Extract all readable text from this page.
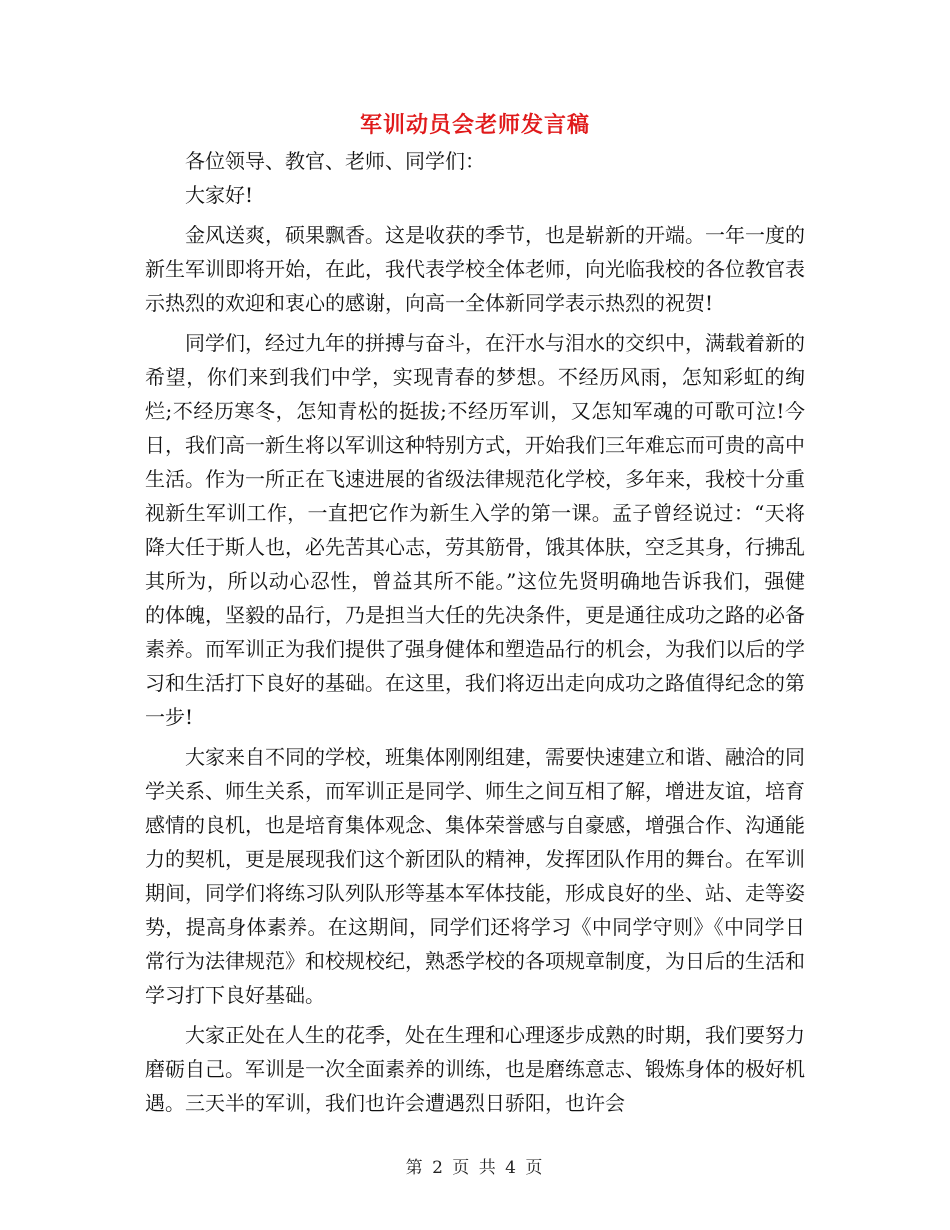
军训动员会老师发言稿

各位领导、教官、老师、同学们：

大家好!

金风送爽，硕果飘香。这是收获的季节，也是崭新的开端。一年一度的新生军训即将开始，在此，我代表学校全体老师，向光临我校的各位教官表示热烈的欢迎和衷心的感谢，向高一全体新同学表示热烈的祝贺!

同学们，经过九年的拼搏与奋斗，在汗水与泪水的交织中，满载着新的希望，你们来到我们中学，实现青春的梦想。不经历风雨，怎知彩虹的绚烂;不经历寒冬，怎知青松的挺拔;不经历军训，又怎知军魂的可歌可泣!今日，我们高一新生将以军训这种特别方式，开始我们三年难忘而可贵的高中生活。作为一所正在飞速进展的省级法律规范化学校，多年来，我校十分重视新生军训工作，一直把它作为新生入学的第一课。孟子曾经说过：“天将降大任于斯人也，必先苦其心志，劳其筋骨，饿其体肤，空乏其身，行拂乱其所为，所以动心忍性，曾益其所不能。”这位先贤明确地告诉我们，强健的体魄，坚毅的品行，乃是担当大任的先决条件，更是通往成功之路的必备素养。而军训正为我们提供了强身健体和塑造品行的机会，为我们以后的学习和生活打下良好的基础。在这里，我们将迈出走向成功之路值得纪念的第一步!

大家来自不同的学校，班集体刚刚组建，需要快速建立和谐、融洽的同学关系、师生关系，而军训正是同学、师生之间互相了解，增进友谊，培育感情的良机，也是培育集体观念、集体荣誉感与自豪感，增强合作、沟通能力的契机，更是展现我们这个新团队的精神，发挥团队作用的舞台。在军训期间，同学们将练习队列队形等基本军体技能，形成良好的坐、站、走等姿势，提高身体素养。在这期间，同学们还将学习《中同学守则》《中同学日常行为法律规范》和校规校纪，熟悉学校的各项规章制度，为日后的生活和学习打下良好基础。

大家正处在人生的花季，处在生理和心理逐步成熟的时期，我们要努力磨砺自己。军训是一次全面素养的训练，也是磨练意志、锻炼身体的极好机遇。三天半的军训，我们也许会遭遇烈日骄阳，也许会

第 2 页 共 4 页
